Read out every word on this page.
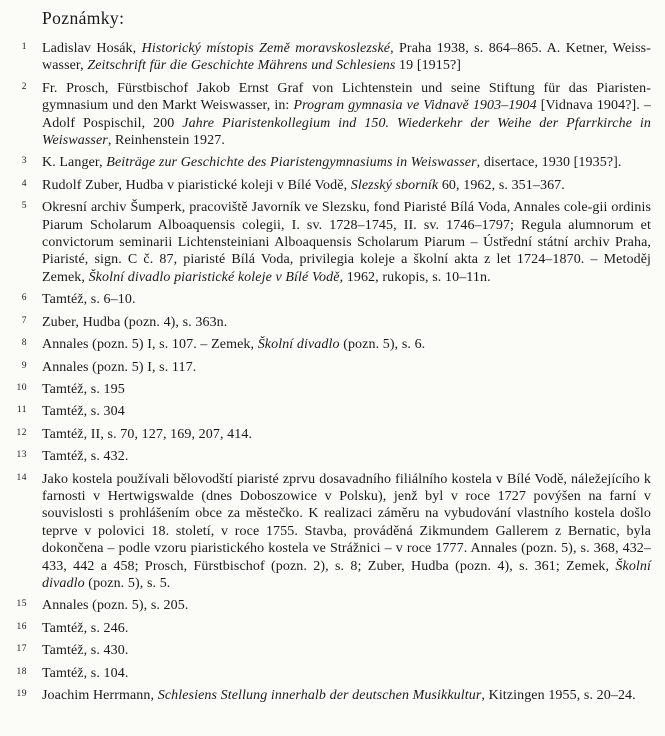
Poznámky:
1	Ladislav Hosák, Historický místopis Země moravskoslezské, Praha 1938, s. 864–865. A. Ketner, Weiss-wasser, Zeitschrift für die Geschichte Mährens und Schlesiens 19 [1915?]

2	Fr. Prosch, Fürstbischof Jakob Ernst Graf von Lichtenstein und seine Stiftung für das Piaristen-gymnasium und den Markt Weiswasser, in: Program gymnasia ve Vidnavě 1903–1904 [Vidnava 1904?]. – Adolf Pospischil, 200 Jahre Piaristenkollegium ind 150. Wiederkehr der Weihe der Pfarrkirche in Weiswasser, Reinhenstein 1927.

3	K. Langer, Beiträge zur Geschichte des Piaristengymnasiums in Weiswasser, disertace, 1930 [1935?].

4	Rudolf Zuber, Hudba v piaristické koleji v Bílé Vodě, Slezský sborník 60, 1962, s. 351–367.

5	Okresní archiv Šumperk, pracoviště Javorník ve Slezsku, fond Piaristé Bílá Voda, Annales cole-gii ordinis Piarum Scholarum Alboaquensis colegii, I. sv. 1728–1745, II. sv. 1746–1797; Regula alumnorum et convictorum seminarii Lichtensteiniani Alboaquensis Scholarum Piarum – Ústřední státní archiv Praha, Piaristé, sign. C č. 87, piaristé Bílá Voda, privilegia koleje a školní akta z let 1724–1870. – Metoděj Zemek, Školní divadlo piaristické koleje v Bílé Vodě, 1962, rukopis, s. 10–11n.

6	Tamtéž, s. 6–10.

7	Zuber, Hudba (pozn. 4), s. 363n.

8	Annales (pozn. 5) I, s. 107. – Zemek, Školní divadlo (pozn. 5), s. 6.

9	Annales (pozn. 5) I, s. 117.

10	Tamtéž, s. 195

11	Tamtéž, s. 304

12	Tamtéž, II, s. 70, 127, 169, 207, 414.

13	Tamtéž, s. 432.

14	Jako kostela používali bělovodští piaristé zprvu dosavadního filiálního kostela v Bílé Vodě, náležejícího k farnosti v Hertwigswalde (dnes Doboszowice v Polsku), jenž byl v roce 1727 povýšen na farní v souvislosti s prohlášením obce za městečko. K realizaci záměru na vybudování vlastního kostela došlo teprve v polovici 18. století, v roce 1755. Stavba, prováděná Zikmundem Gallerem z Bernatic, byla dokončena – podle vzoru piaristického kostela ve Strážnici – v roce 1777. Annales (pozn. 5), s. 368, 432–433, 442 a 458; Prosch, Fürstbischof (pozn. 2), s. 8; Zuber, Hudba (pozn. 4), s. 361; Zemek, Školní divadlo (pozn. 5), s. 5.

15	Annales (pozn. 5), s. 205.

16	Tamtéž, s. 246.

17	Tamtéž, s. 430.

18	Tamtéž, s. 104.

19	Joachim Herrmann, Schlesiens Stellung innerhalb der deutschen Musikkultur, Kitzingen 1955, s. 20–24.
